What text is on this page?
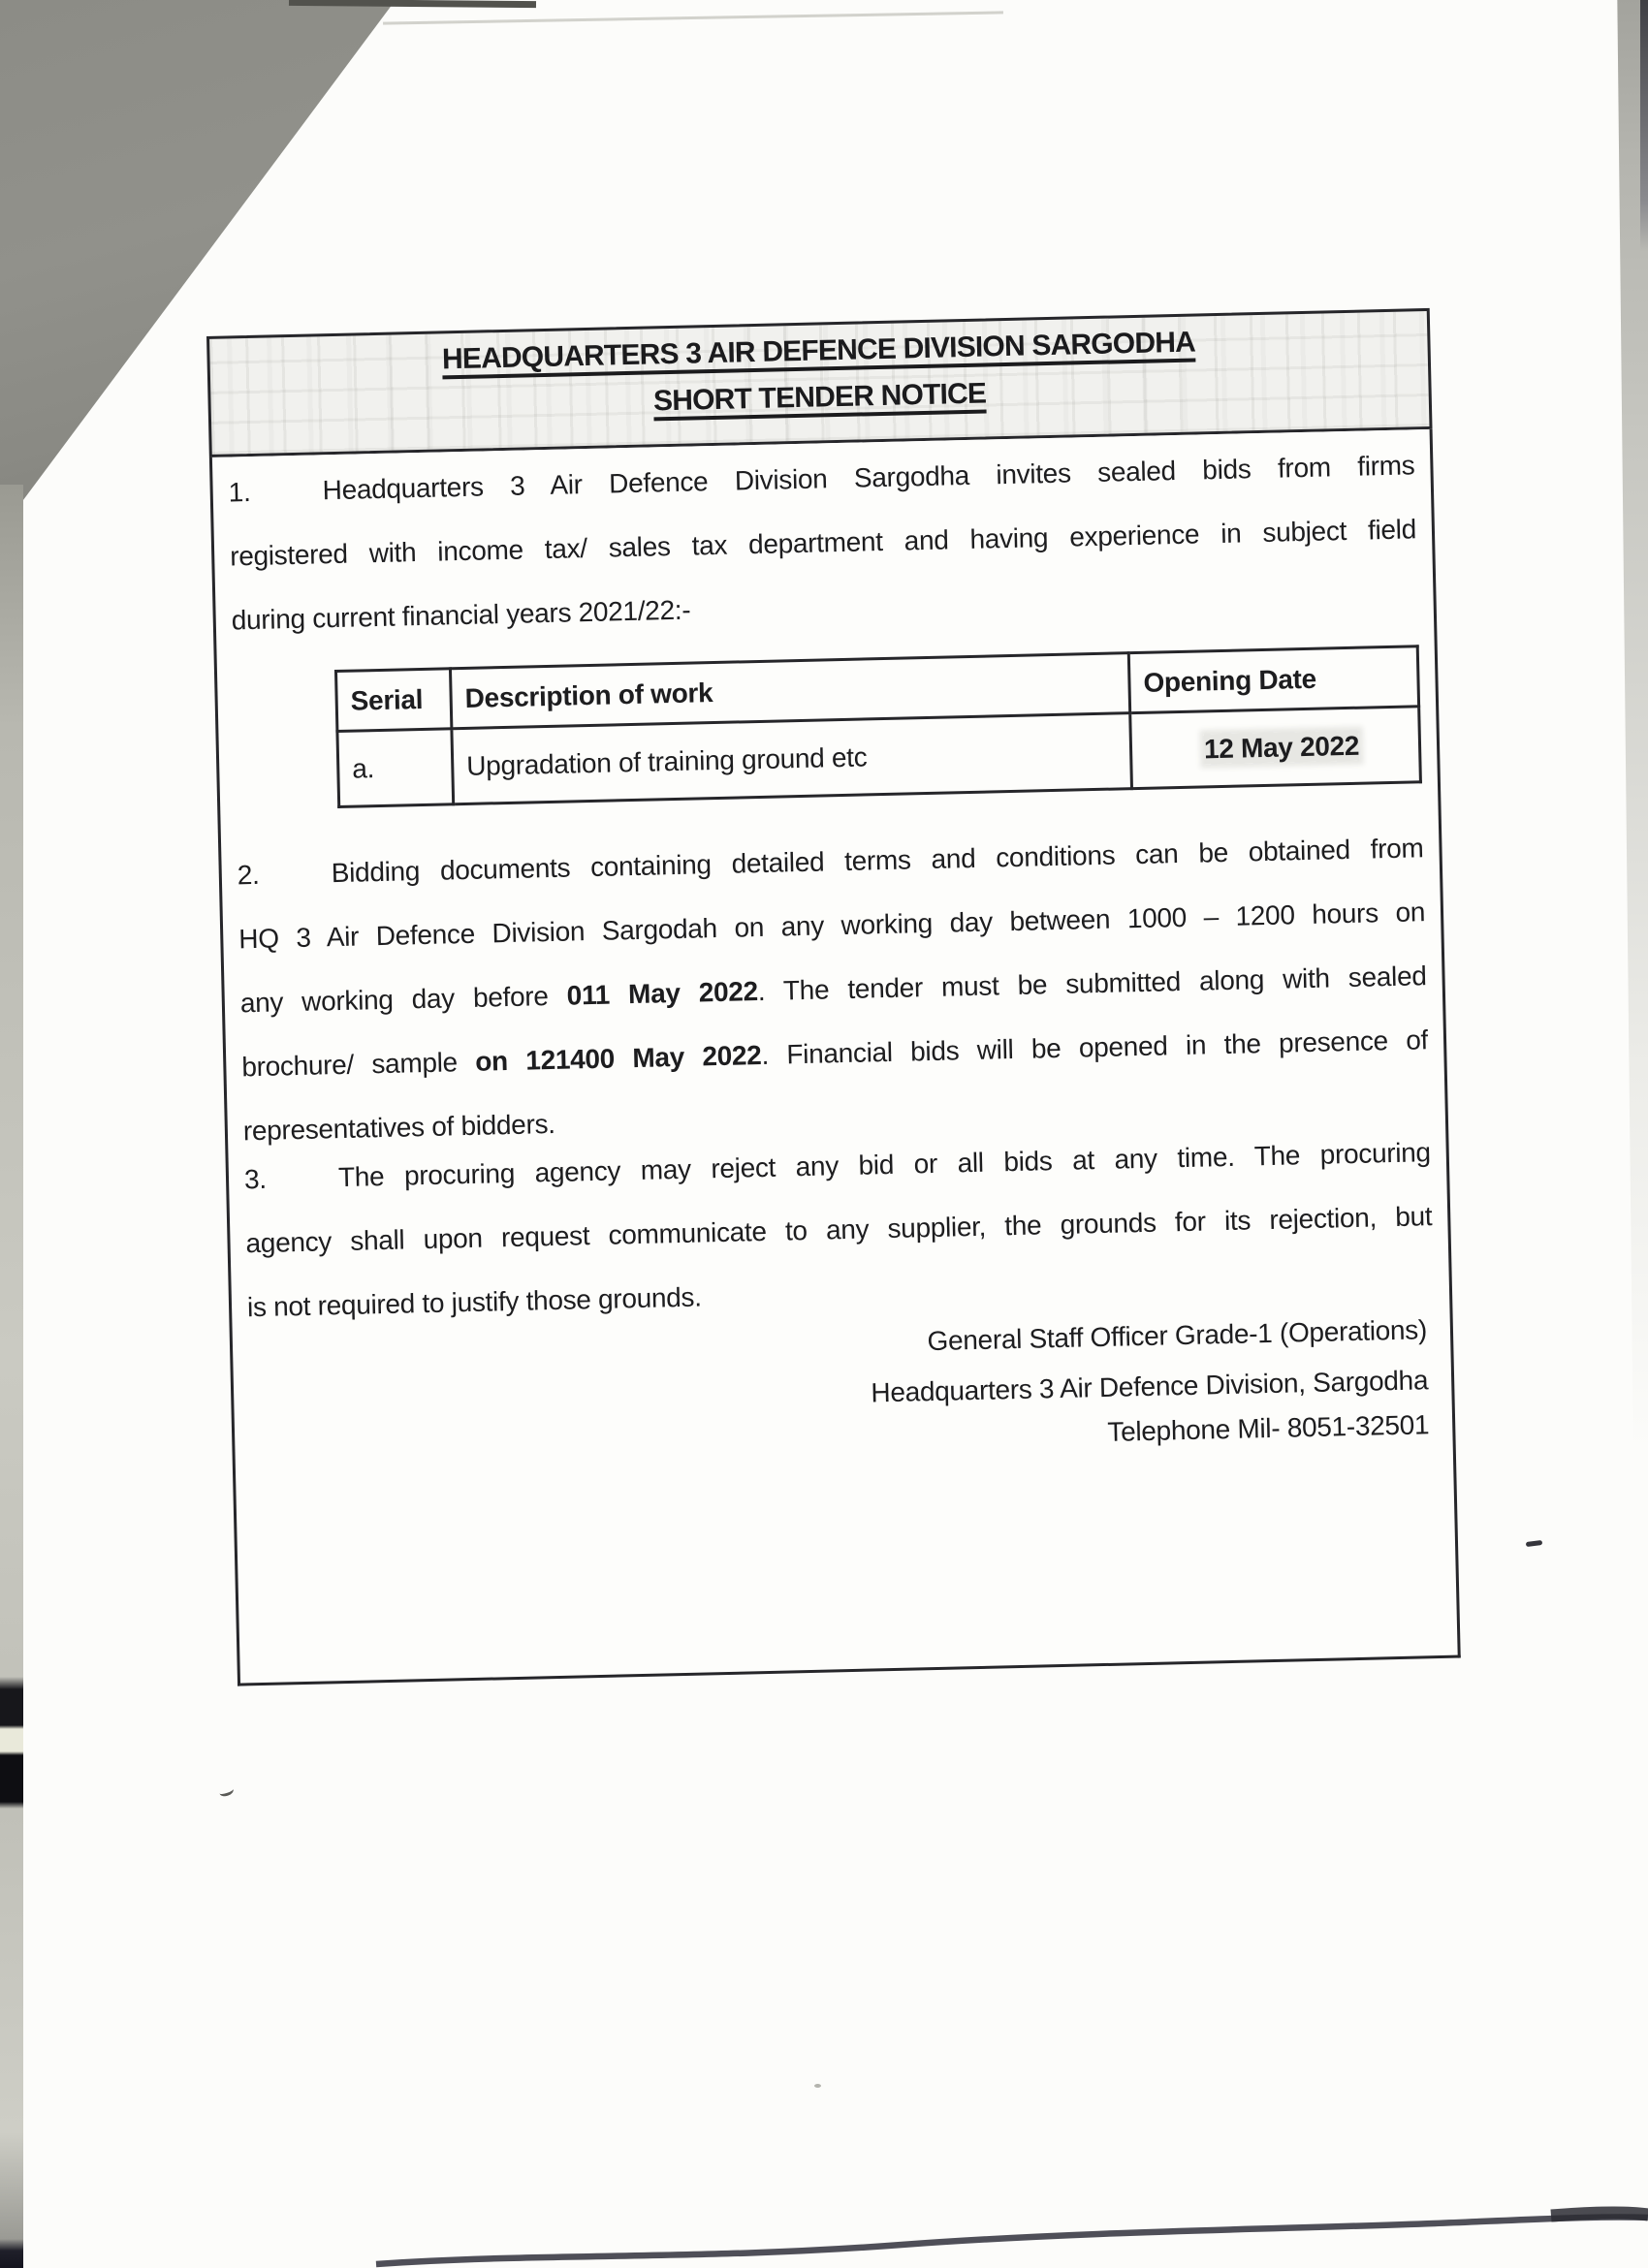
HEADQUARTERS 3 AIR DEFENCE DIVISION SARGODHA
SHORT TENDER NOTICE
1.	Headquarters 3 Air Defence Division Sargodha invites sealed bids from firms
registered with income tax/ sales tax department and having experience in subject field
during current financial years 2021/22:-
Serial	Description of work	Opening Date
a.	Upgradation of training ground etc	12 May 2022
2.	Bidding documents containing detailed terms and conditions can be obtained from
HQ 3 Air Defence Division Sargodah on any working day between 1000 – 1200 hours on
any working day before 011 May 2022. The tender must be submitted along with sealed
brochure/ sample on 121400 May 2022. Financial bids will be opened in the presence of
representatives of bidders.
3.	The procuring agency may reject any bid or all bids at any time. The procuring
agency shall upon request communicate to any supplier, the grounds for its rejection, but
is not required to justify those grounds.
General Staff Officer Grade-1 (Operations)
Headquarters 3 Air Defence Division, Sargodha
Telephone Mil- 8051-32501
